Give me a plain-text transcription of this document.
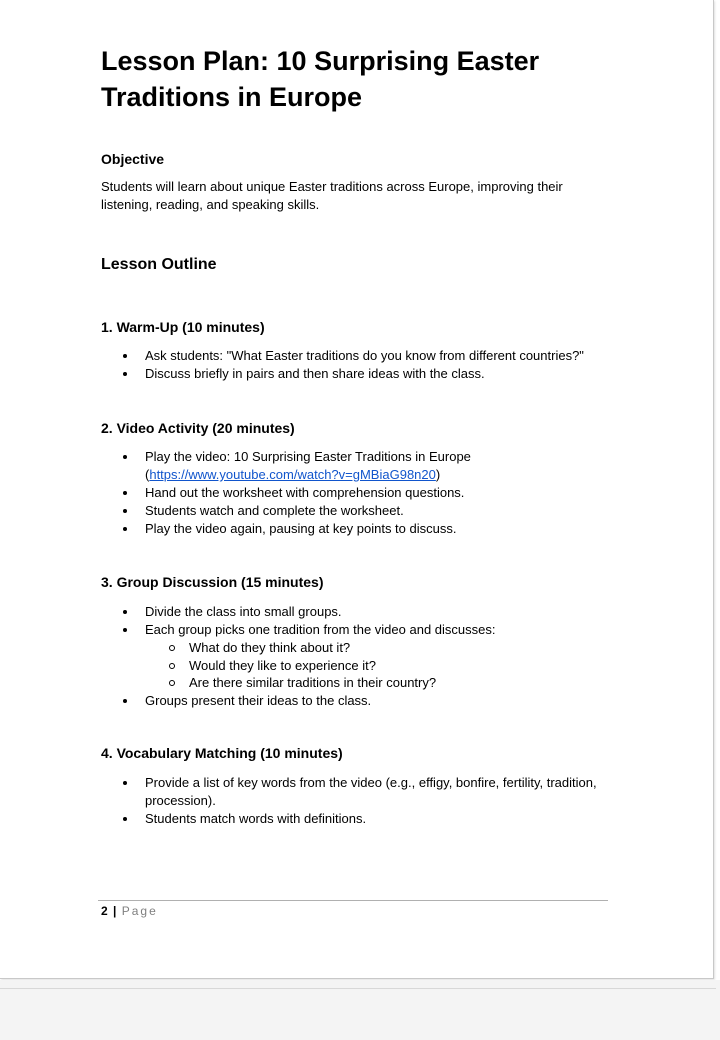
Lesson Plan: 10 Surprising Easter Traditions in Europe

Objective

Students will learn about unique Easter traditions across Europe, improving their listening, reading, and speaking skills.

Lesson Outline

1. Warm-Up (10 minutes)

Ask students: "What Easter traditions do you know from different countries?"
Discuss briefly in pairs and then share ideas with the class.

2. Video Activity (20 minutes)

Play the video: 10 Surprising Easter Traditions in Europe
(https://www.youtube.com/watch?v=gMBiaG98n20)
Hand out the worksheet with comprehension questions.
Students watch and complete the worksheet.
Play the video again, pausing at key points to discuss.

3. Group Discussion (15 minutes)

Divide the class into small groups.
Each group picks one tradition from the video and discusses:
What do they think about it?
Would they like to experience it?
Are there similar traditions in their country?
Groups present their ideas to the class.

4. Vocabulary Matching (10 minutes)

Provide a list of key words from the video (e.g., effigy, bonfire, fertility, tradition, procession).
Students match words with definitions.
2 | Page
